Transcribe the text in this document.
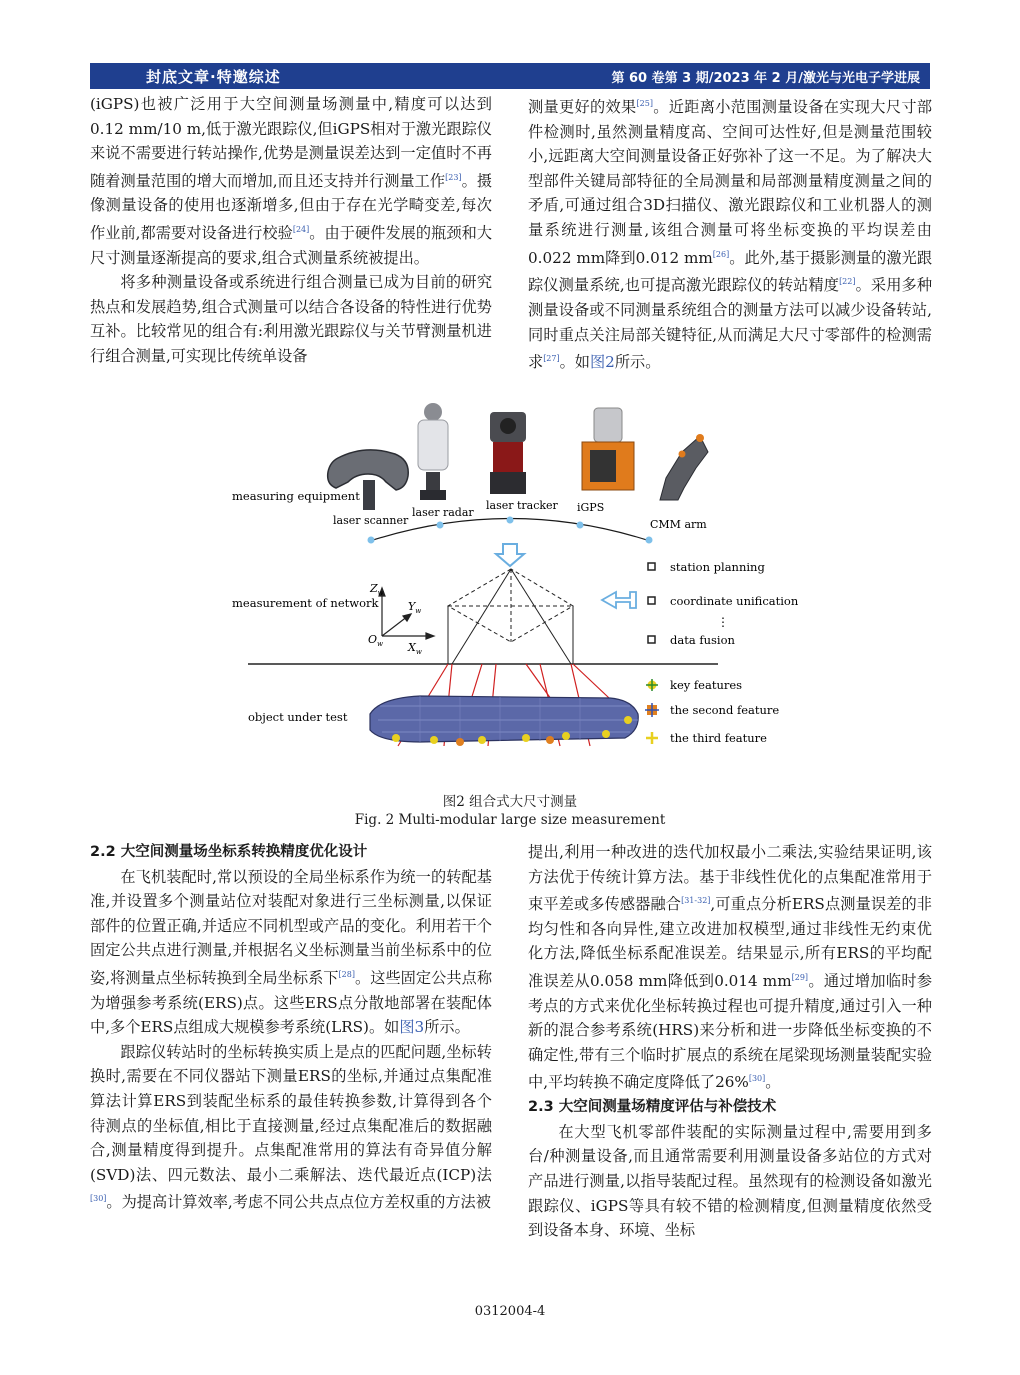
封底文章·特邀综述	第 60 卷第 3 期/2023 年 2 月/激光与光电子学进展

(iGPS)也被广泛用于大空间测量场测量中,精度可以达到0.12 mm/10 m,低于激光跟踪仪,但iGPS相对于激光跟踪仪来说不需要进行转站操作,优势是测量误差达到一定值时不再随着测量范围的增大而增加,而且还支持并行测量工作[23]。摄像测量设备的使用也逐渐增多,但由于存在光学畸变差,每次作业前,都需要对设备进行校验[24]。由于硬件发展的瓶颈和大尺寸测量逐渐提高的要求,组合式测量系统被提出。

将多种测量设备或系统进行组合测量已成为目前的研究热点和发展趋势,组合式测量可以结合各设备的特性进行优势互补。比较常见的组合有:利用激光跟踪仪与关节臂测量机进行组合测量,可实现比传统单设备

测量更好的效果[25]。近距离小范围测量设备在实现大尺寸部件检测时,虽然测量精度高、空间可达性好,但是测量范围较小,远距离大空间测量设备正好弥补了这一不足。为了解决大型部件关键局部特征的全局测量和局部测量精度测量之间的矛盾,可通过组合3D扫描仪、激光跟踪仪和工业机器人的测量系统进行测量,该组合测量可将坐标变换的平均误差由0.022 mm降到0.012 mm[26]。此外,基于摄影测量的激光跟踪仪测量系统,也可提高激光跟踪仪的转站精度[22]。采用多种测量设备或不同测量系统组合的测量方法可以减少设备转站,同时重点关注局部关键特征,从而满足大尺寸零部件的检测需求[27]。如图2所示。

measuring equipment
measurement of network
object under test
laser scanner
laser radar
laser tracker iGPS
CMM arm
$Z_w$
$Y_w$
$X_w$
$O_w$
station planning
coordinate unification
⋮
data fusion
key features
the second feature
the third feature
图2 组合式大尺寸测量
Fig. 2 Multi-modular large size measurement

2.2 大空间测量场坐标系转换精度优化设计

在飞机装配时,常以预设的全局坐标系作为统一的转配基准,并设置多个测量站位对装配对象进行三坐标测量,以保证部件的位置正确,并适应不同机型或产品的变化。利用若干个固定公共点进行测量,并根据名义坐标测量当前坐标系中的位姿,将测量点坐标转换到全局坐标系下[28]。这些固定公共点称为增强参考系统(ERS)点。这些ERS点分散地部署在装配体中,多个ERS点组成大规模参考系统(LRS)。如图3所示。

跟踪仪转站时的坐标转换实质上是点的匹配问题,坐标转换时,需要在不同仪器站下测量ERS的坐标,并通过点集配准算法计算ERS到装配坐标系的最佳转换参数,计算得到各个待测点的坐标值,相比于直接测量,经过点集配准后的数据融合,测量精度得到提升。点集配准常用的算法有奇异值分解(SVD)法、四元数法、最小二乘解法、迭代最近点(ICP)法[30]。为提高计算效率,考虑不同公共点点位方差权重的方法被

提出,利用一种改进的迭代加权最小二乘法,实验结果证明,该方法优于传统计算方法。基于非线性优化的点集配准常用于束平差或多传感器融合[31-32],可重点分析ERS点测量误差的非均匀性和各向异性,建立改进加权模型,通过非线性无约束优化方法,降低坐标系配准误差。结果显示,所有ERS的平均配准误差从0.058 mm降低到0.014 mm[29]。通过增加临时参考点的方式来优化坐标转换过程也可提升精度,通过引入一种新的混合参考系统(HRS)来分析和进一步降低坐标变换的不确定性,带有三个临时扩展点的系统在尾梁现场测量装配实验中,平均转换不确定度降低了26%[30]。

2.3 大空间测量场精度评估与补偿技术

在大型飞机零部件装配的实际测量过程中,需要用到多台/种测量设备,而且通常需要利用测量设备多站位的方式对产品进行测量,以指导装配过程。虽然现有的检测设备如激光跟踪仪、iGPS等具有较不错的检测精度,但测量精度依然受到设备本身、环境、坐标

0312004-4
